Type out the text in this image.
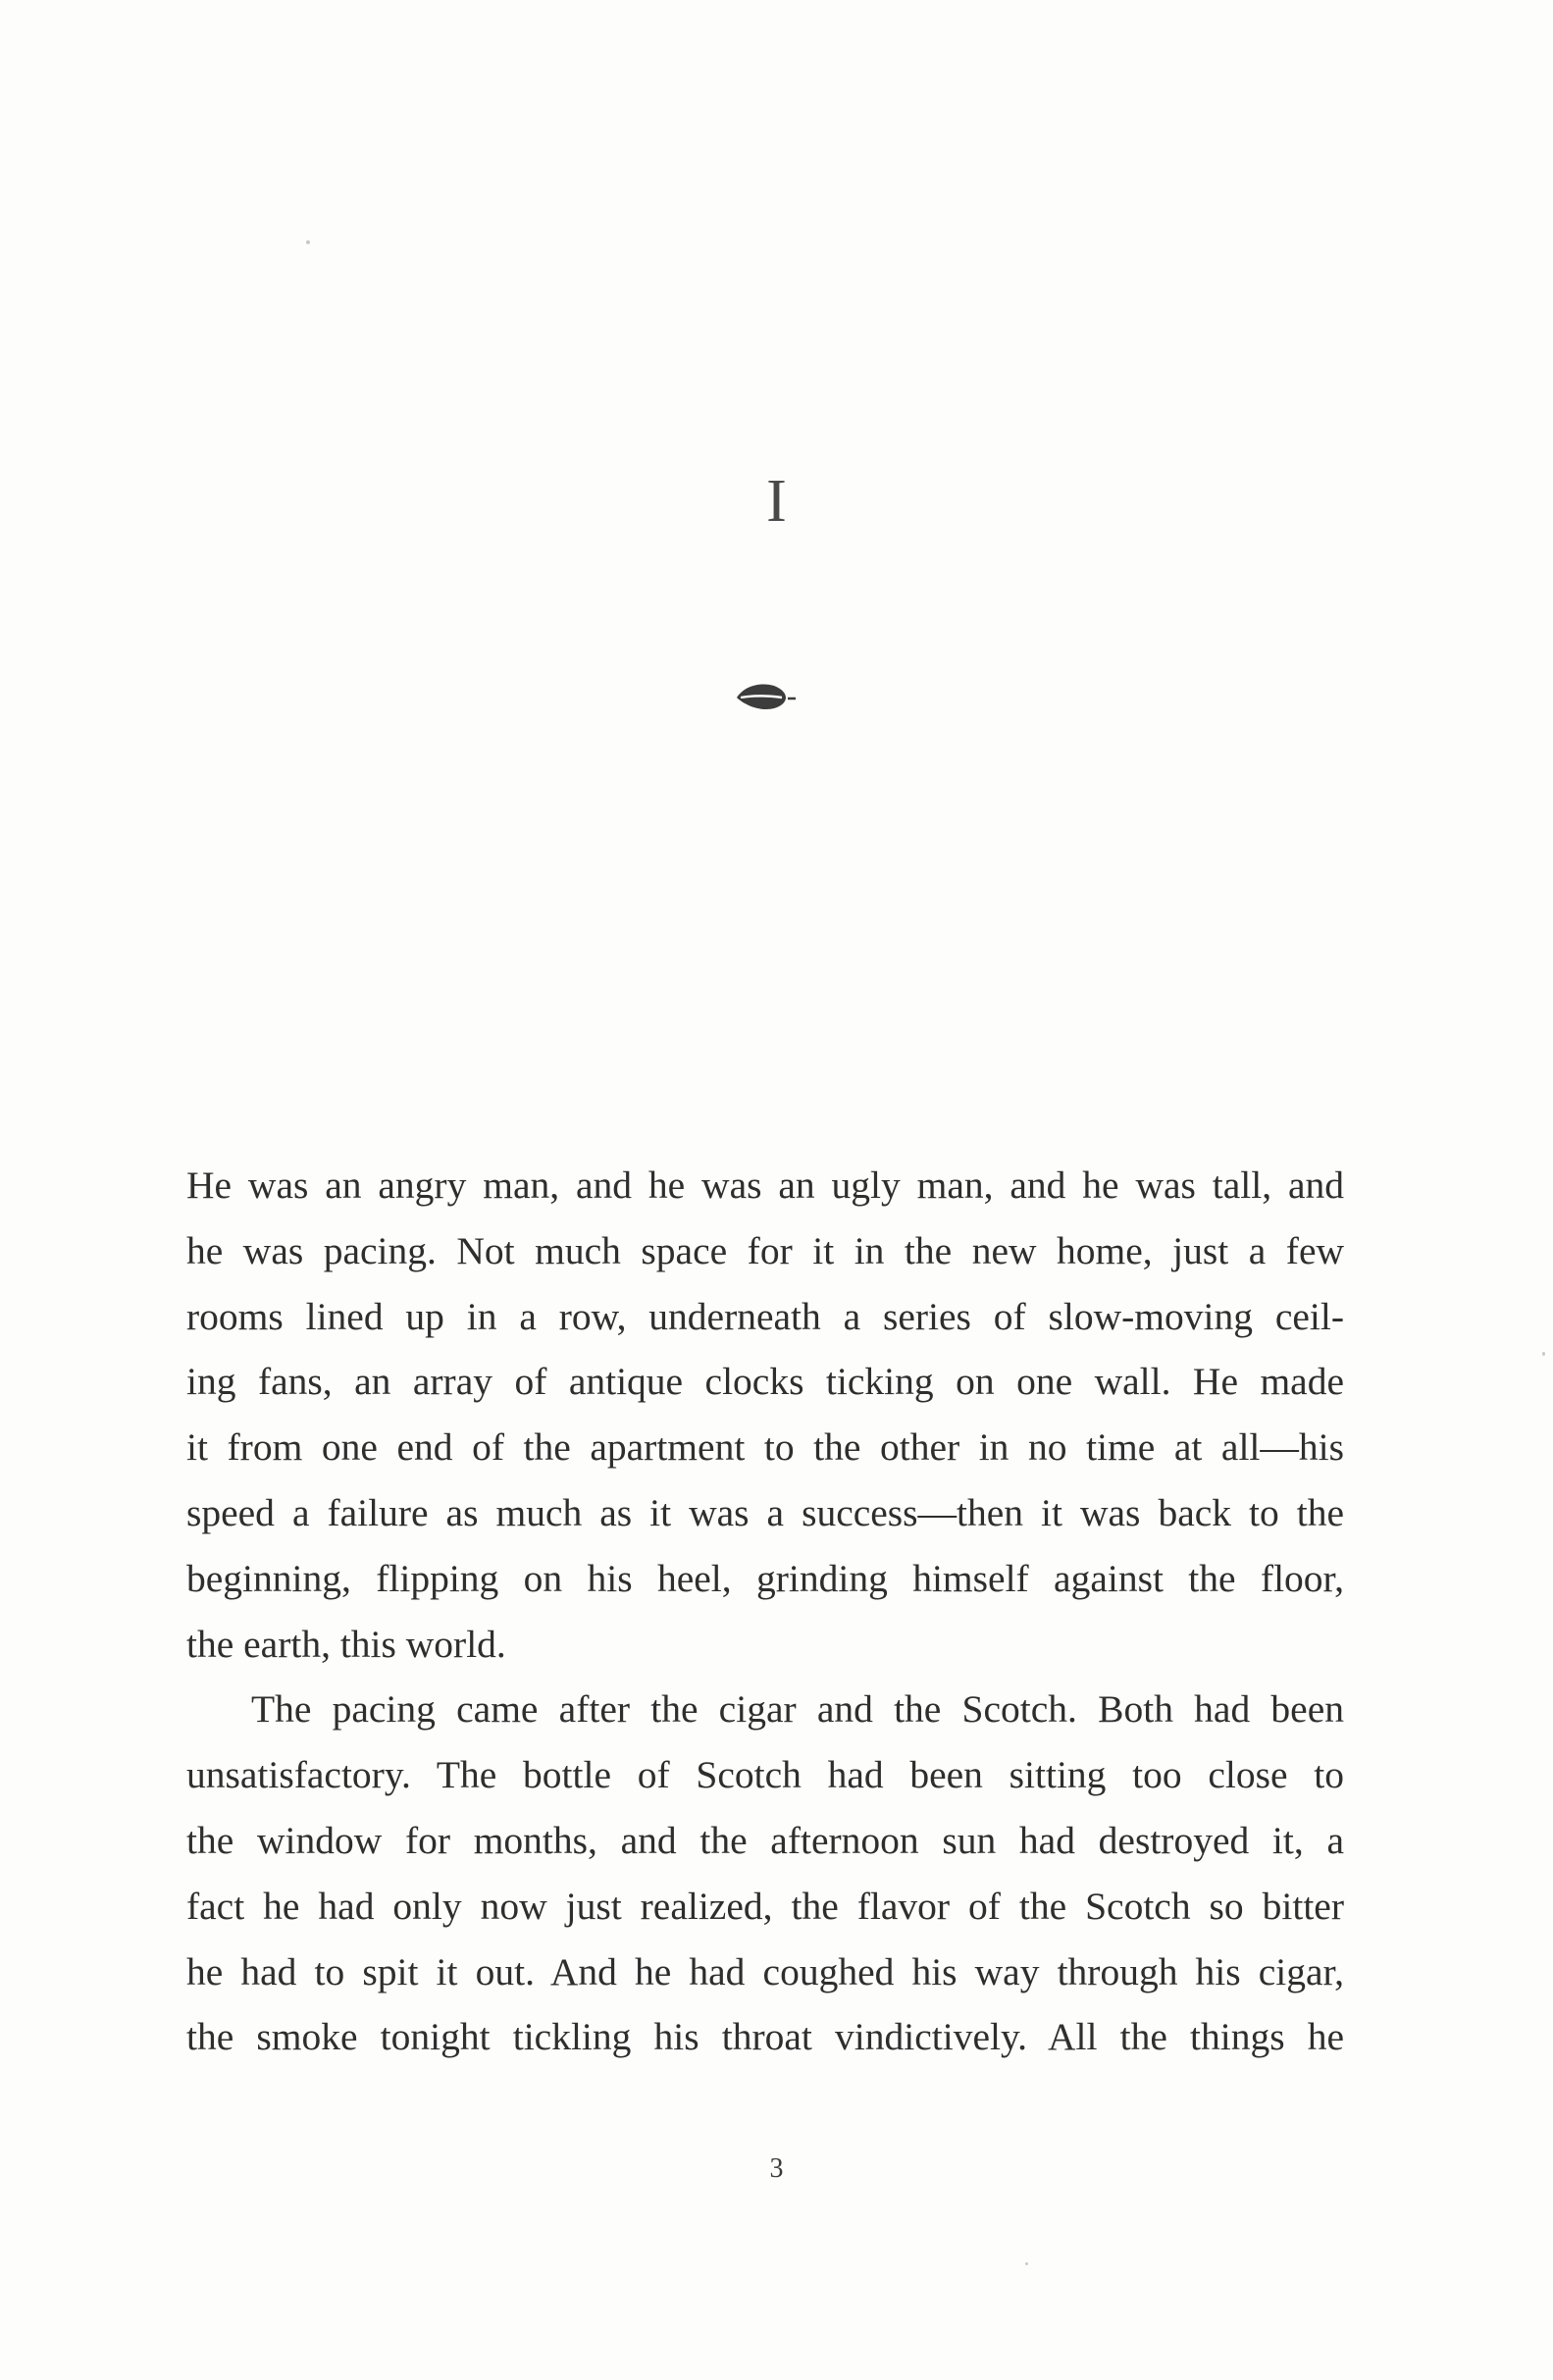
I

He was an angry man, and he was an ugly man, and he was tall, and
he was pacing. Not much space for it in the new home, just a few
rooms lined up in a row, underneath a series of slow-moving ceil-
ing fans, an array of antique clocks ticking on one wall. He made
it from one end of the apartment to the other in no time at all—his
speed a failure as much as it was a success—then it was back to the
beginning, flipping on his heel, grinding himself against the floor,
the earth, this world.

The pacing came after the cigar and the Scotch. Both had been
unsatisfactory. The bottle of Scotch had been sitting too close to
the window for months, and the afternoon sun had destroyed it, a
fact he had only now just realized, the flavor of the Scotch so bitter
he had to spit it out. And he had coughed his way through his cigar,
the smoke tonight tickling his throat vindictively. All the things he

3
